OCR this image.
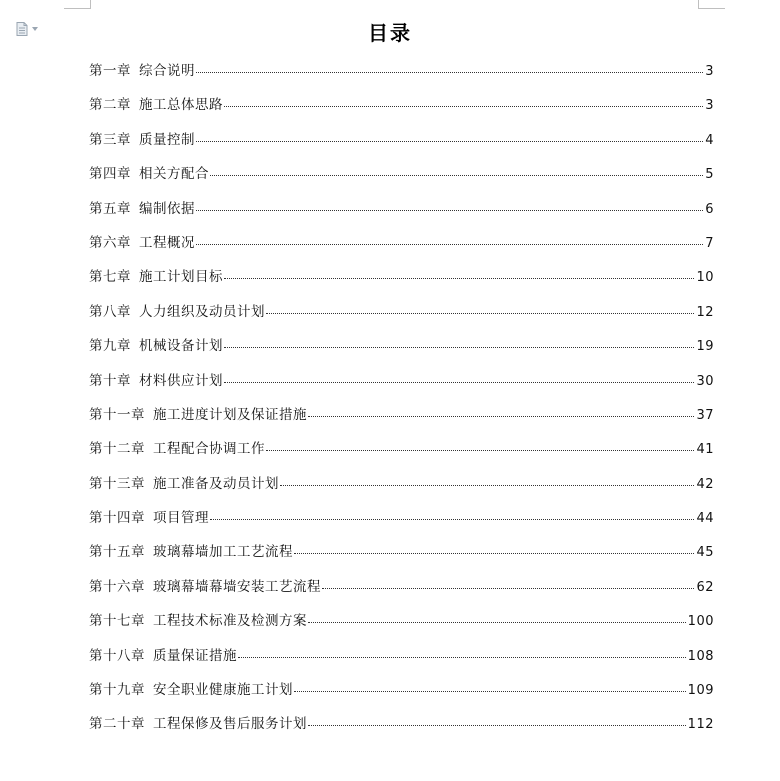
目录
第一章 综合说明	3
第二章 施工总体思路	3
第三章 质量控制	4
第四章 相关方配合	5
第五章 编制依据	6
第六章 工程概况	7
第七章 施工计划目标	10
第八章 人力组织及动员计划	12
第九章 机械设备计划	19
第十章 材料供应计划	30
第十一章 施工进度计划及保证措施	37
第十二章 工程配合协调工作	41
第十三章 施工准备及动员计划	42
第十四章 项目管理	44
第十五章 玻璃幕墙加工工艺流程	45
第十六章 玻璃幕墙幕墙安装工艺流程	62
第十七章 工程技术标准及检测方案	100
第十八章 质量保证措施	108
第十九章 安全职业健康施工计划	109
第二十章 工程保修及售后服务计划	112
